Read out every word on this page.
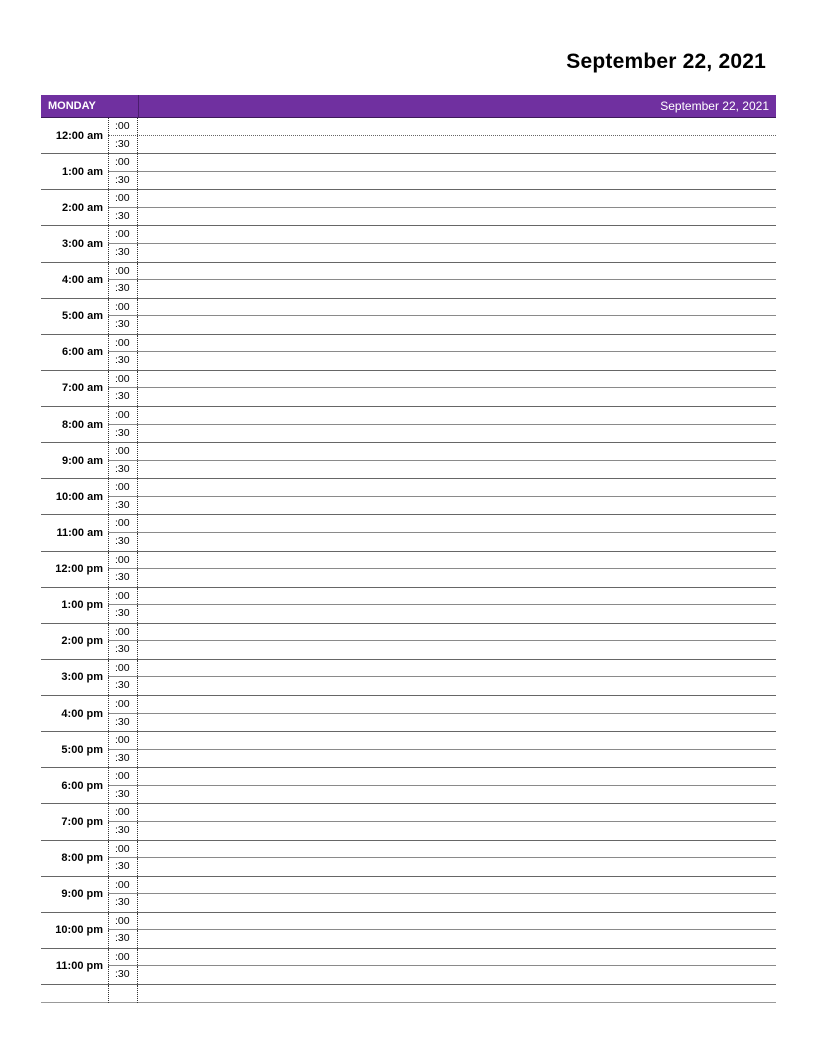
September 22, 2021
MONDAY	September 22, 2021
12:00 am
:00
:30
1:00 am
:00
:30
2:00 am
:00
:30
3:00 am
:00
:30
4:00 am
:00
:30
5:00 am
:00
:30
6:00 am
:00
:30
7:00 am
:00
:30
8:00 am
:00
:30
9:00 am
:00
:30
10:00 am
:00
:30
11:00 am
:00
:30
12:00 pm
:00
:30
1:00 pm
:00
:30
2:00 pm
:00
:30
3:00 pm
:00
:30
4:00 pm
:00
:30
5:00 pm
:00
:30
6:00 pm
:00
:30
7:00 pm
:00
:30
8:00 pm
:00
:30
9:00 pm
:00
:30
10:00 pm
:00
:30
11:00 pm
:00
:30
